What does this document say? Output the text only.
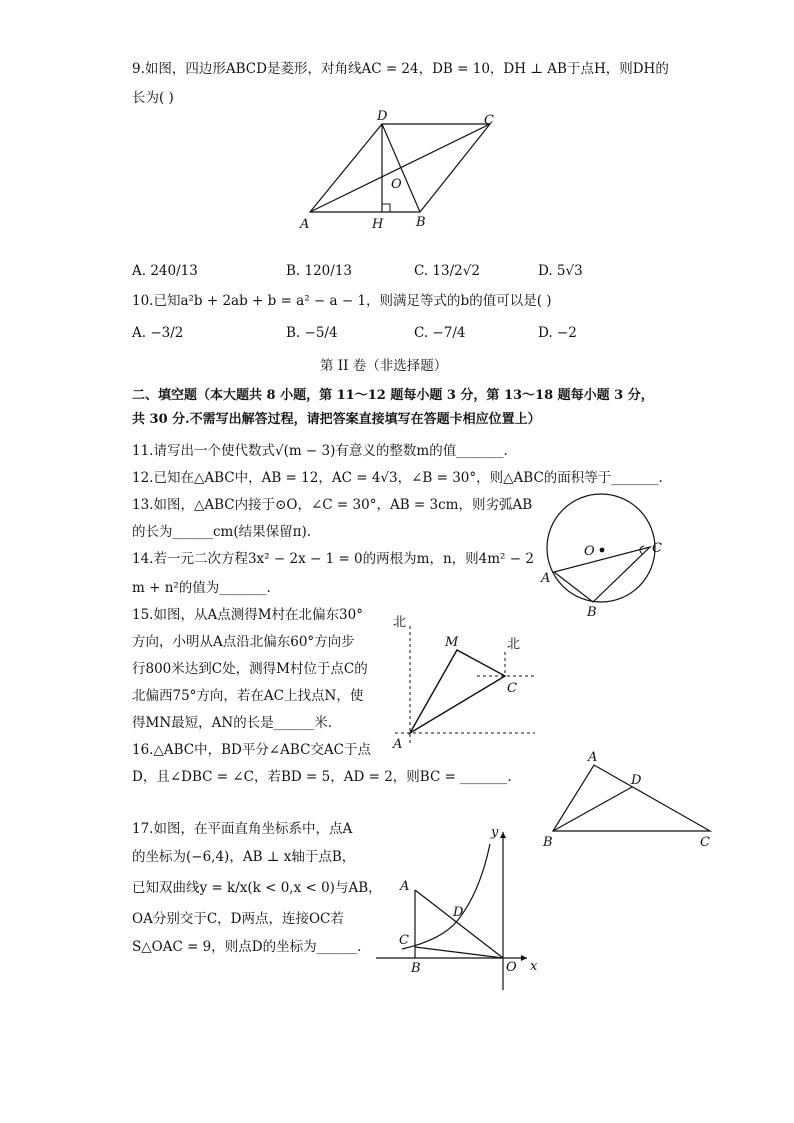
9.如图，四边形ABCD是菱形，对角线AC = 24，DB = 10，DH ⊥ AB于点H，则DH的
长为( )
D	C
O
A	H	B
A. 240/13	B. 120/13	C. 13/2√2	D. 5√3
10.已知a²b + 2ab + b = a² − a − 1，则满足等式的b的值可以是( )
A. −3/2	B. −5/4	C. −7/4	D. −2
第 II 卷（非选择题）
二、填空题（本大题共 8 小题，第 11～12 题每小题 3 分，第 13～18 题每小题 3 分，
共 30 分.不需写出解答过程，请把答案直接填写在答题卡相应位置上）
11.请写出一个使代数式√(m − 3)有意义的整数m的值_______.
12.已知在△ABC中，AB = 12，AC = 4√3，∠B = 30°，则△ABC的面积等于_______.
13.如图，△ABC内接于⊙O，∠C = 30°，AB = 3cm，则劣弧AB
的长为______cm(结果保留π).
O
A
B
C
14.若一元二次方程3x² − 2x − 1 = 0的两根为m，n，则4m² − 2
m + n²的值为_______.
15.如图，从A点测得M村在北偏东30°
方向，小明从A点沿北偏东60°方向步
行800米达到C处，测得M村位于点C的
北偏西75°方向，若在AC上找点N，使
得MN最短，AN的长是______米.
北
北
M
C
A
16.△ABC中，BD平分∠ABC交AC于点
D，且∠DBC = ∠C，若BD = 5，AD = 2，则BC = _______.
A
D
B	C
17.如图，在平面直角坐标系中，点A
的坐标为(−6,4)，AB ⊥ x轴于点B，
已知双曲线y = k/x(k < 0,x < 0)与AB，
OA分别交于C，D两点，连接OC若
S△OAC = 9，则点D的坐标为______.
y
x
A
B
C
D
O
